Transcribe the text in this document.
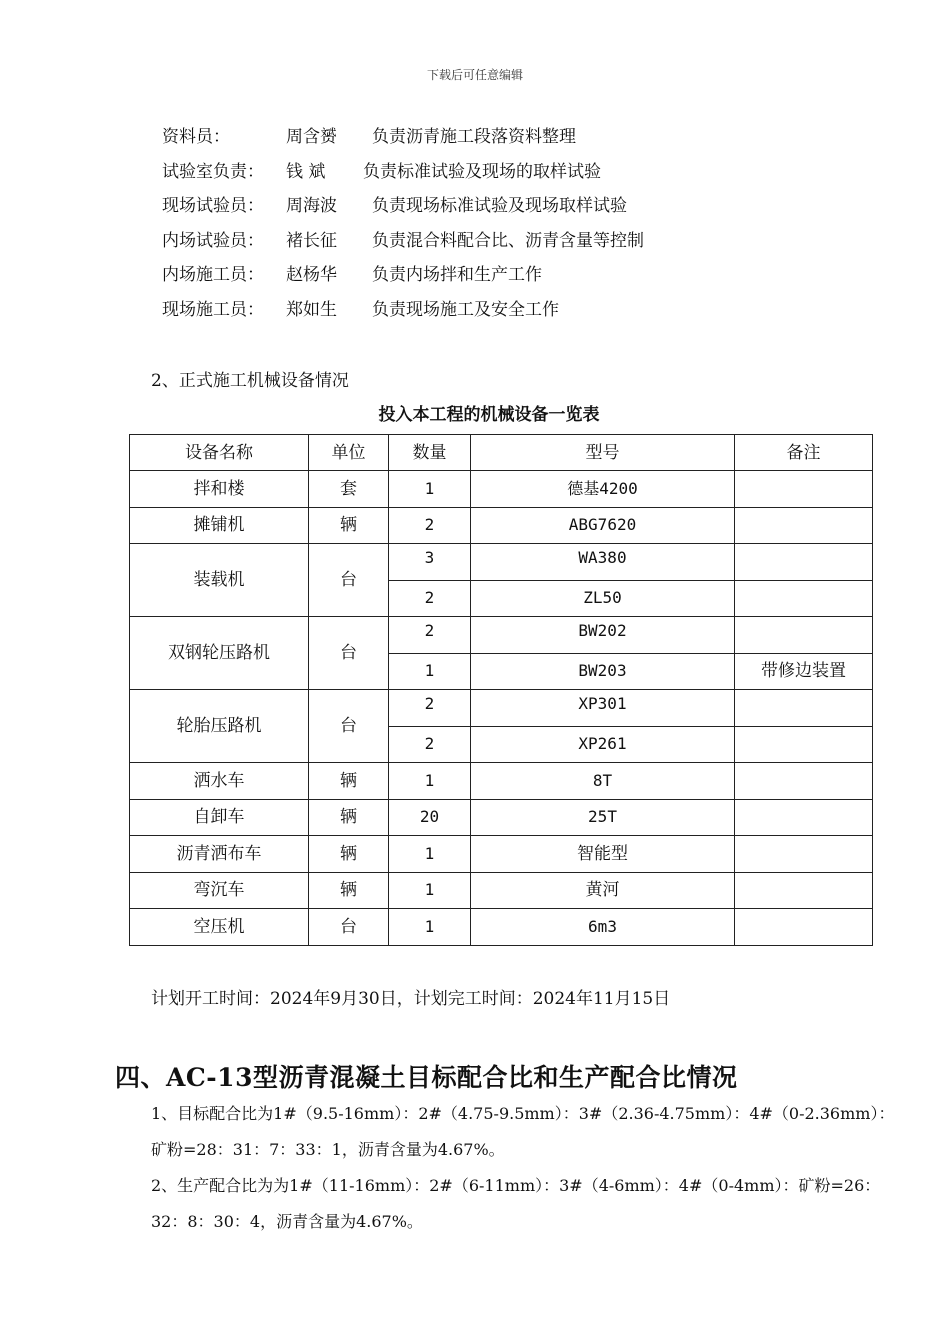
下载后可任意编辑
资料员：	周含赟 负责沥青施工段落资料整理
试验室负责： 钱 斌 负责标准试验及现场的取样试验
现场试验员： 周海波 负责现场标准试验及现场取样试验
内场试验员： 褚长征 负责混合料配合比、沥青含量等控制
内场施工员： 赵杨华 负责内场拌和生产工作
现场施工员： 郑如生 负责现场施工及安全工作
2、正式施工机械设备情况
投入本工程的机械设备一览表
设备名称	单位	数量	型号	备注
拌和楼	套	1	德基4200	
摊铺机	辆	2	ABG7620	
装载机	台	3	WA380	
		2	ZL50	
双钢轮压路机	台	2	BW202	
		1	BW203	带修边装置
轮胎压路机	台	2	XP301	
		2	XP261	
洒水车	辆	1	8T	
自卸车	辆	20	25T	
沥青洒布车	辆	1	智能型	
弯沉车	辆	1	黄河	
空压机	台	1	6m3	
计划开工时间：2024年9月30日，计划完工时间：2024年11月15日
四、AC-13型沥青混凝土目标配合比和生产配合比情况
1、目标配合比为1#（9.5-16mm）：2#（4.75-9.5mm）：3#（2.36-4.75mm）：4#（0-2.36mm）：矿粉=28：31：7：33：1，沥青含量为4.67%。
2、生产配合比为为1#（11-16mm）：2#（6-11mm）：3#（4-6mm）：4#（0-4mm）：矿粉=26：32：8：30：4，沥青含量为4.67%。
